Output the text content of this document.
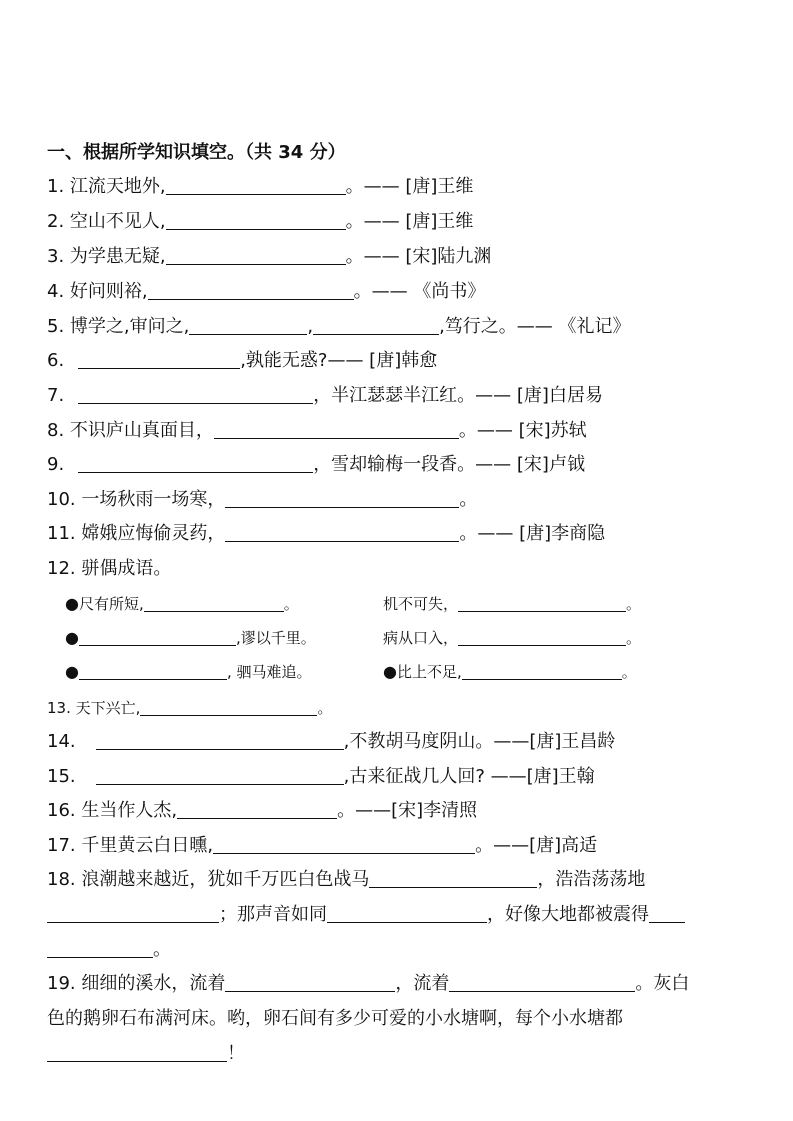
一、根据所学知识填空。（共 34 分）
1. 江流天地外,	。—— [唐]王维
2. 空山不见人,	。—— [唐]王维
3. 为学患无疑,	。—— [宋]陆九渊
4. 好问则裕,	。—— 《尚书》
5. 博学之,审问之,	,	,笃行之。—— 《礼记》
6.	,孰能无惑?—— [唐]韩愈
7.	，半江瑟瑟半江红。—— [唐]白居易
8. 不识庐山真面目，	。—— [宋]苏轼
9.	，雪却输梅一段香。—— [宋]卢钺
10. 一场秋雨一场寒，	。
11. 嫦娥应悔偷灵药，	。—— [唐]李商隐
12. 骈偶成语。
●尺有所短,	。	机不可失，	。
●	,谬以千里。	病从口入，	。
●	, 驷马难追。	●比上不足,	。
13. 天下兴亡,	。
14.	,不教胡马度阴山。——[唐]王昌龄
15.	,古来征战几人回? ——[唐]王翰
16. 生当作人杰,	。——[宋]李清照
17. 千里黄云白日曛,	。——[唐]高适
18. 浪潮越来越近，犹如千万匹白色战马	，浩浩荡荡地
；那声音如同	，好像大地都被震得
。
19. 细细的溪水，流着	，流着	。灰白
色的鹅卵石布满河床。哟，卵石间有多少可爱的小水塘啊，每个小水塘都
！
